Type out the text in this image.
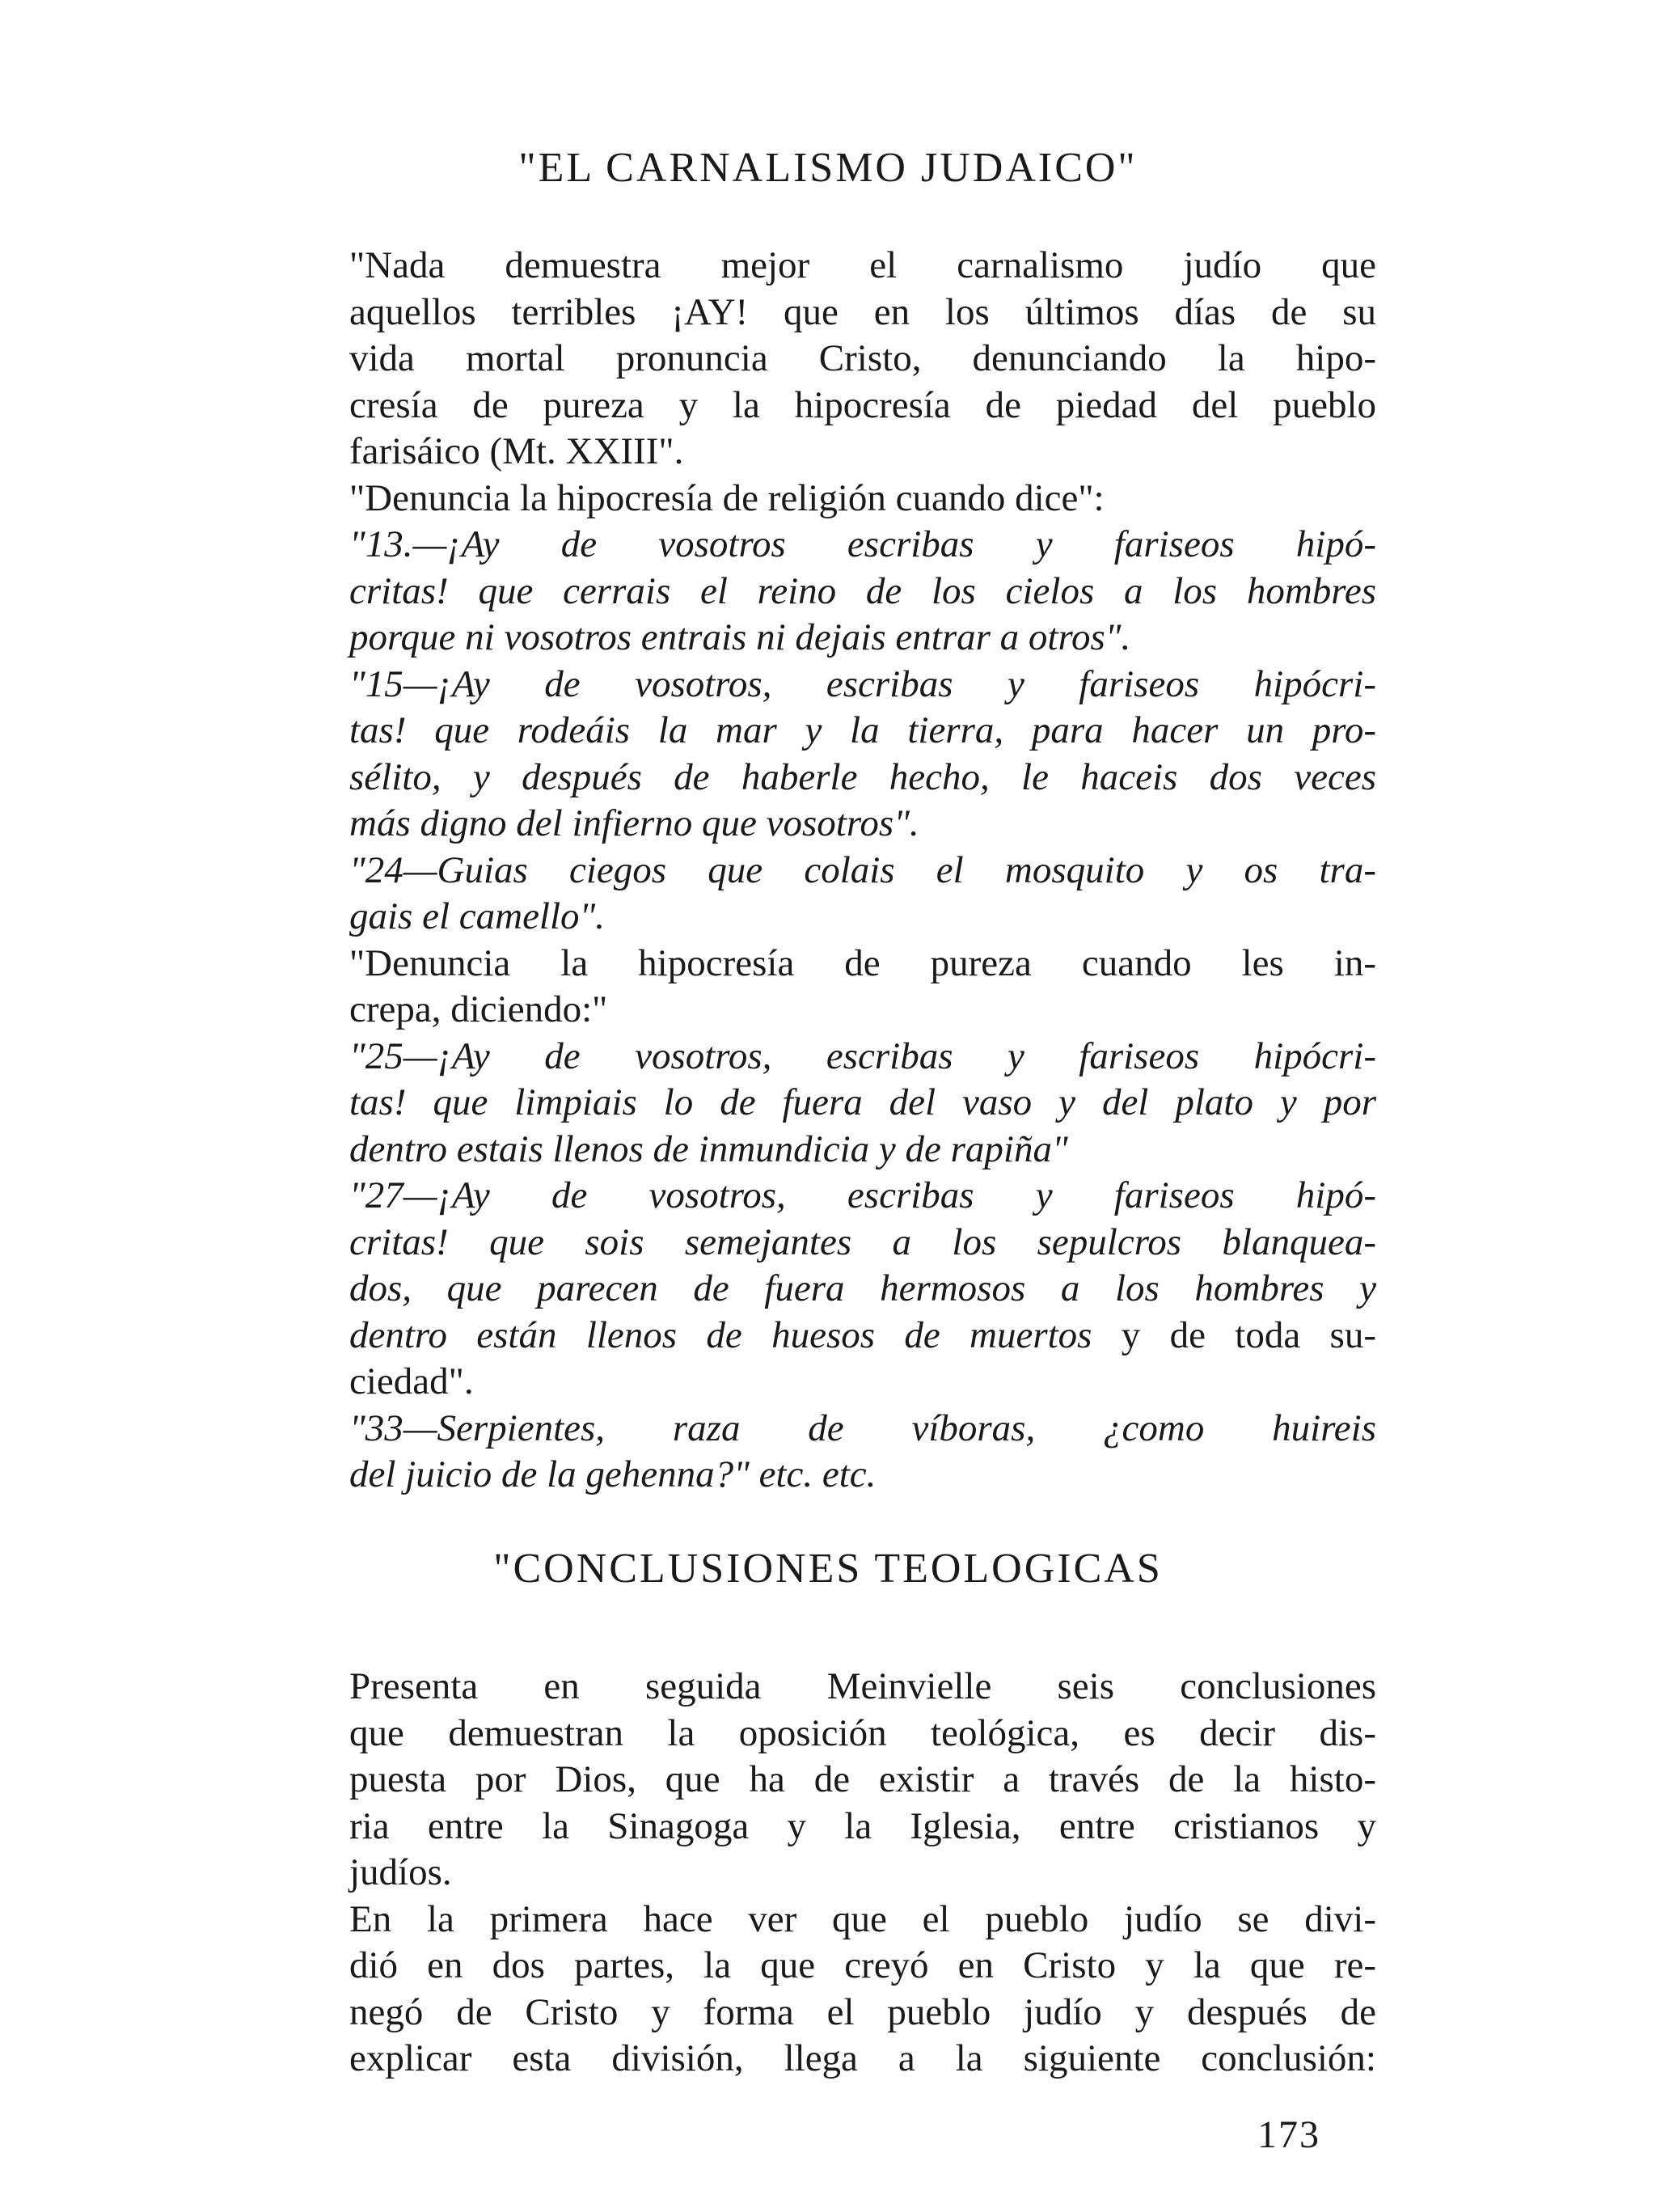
"EL CARNALISMO JUDAICO"

"Nada demuestra mejor el carnalismo judío que

aquellos terribles ¡AY! que en los últimos días de su

vida mortal pronuncia Cristo, denunciando la hipo-

cresía de pureza y la hipocresía de piedad del pueblo

farisáico (Mt. XXIII".

"Denuncia la hipocresía de religión cuando dice":

"13.—¡Ay de vosotros escribas y fariseos hipó-

critas! que cerrais el reino de los cielos a los hombres

porque ni vosotros entrais ni dejais entrar a otros".

"15—¡Ay de vosotros, escribas y fariseos hipócri-

tas! que rodeáis la mar y la tierra, para hacer un pro-

sélito, y después de haberle hecho, le haceis dos veces

más digno del infierno que vosotros".

"24—Guias ciegos que colais el mosquito y os tra-

gais el camello".

"Denuncia la hipocresía de pureza cuando les in-

crepa, diciendo:"

"25—¡Ay de vosotros, escribas y fariseos hipócri-

tas! que limpiais lo de fuera del vaso y del plato y por

dentro estais llenos de inmundicia y de rapiña"

"27—¡Ay de vosotros, escribas y fariseos hipó-

critas! que sois semejantes a los sepulcros blanquea-

dos, que parecen de fuera hermosos a los hombres y

dentro están llenos de huesos de muertos y de toda su-

ciedad".

"33—Serpientes, raza de víboras, ¿como huireis

del juicio de la gehenna?" etc. etc.

"CONCLUSIONES TEOLOGICAS

Presenta en seguida Meinvielle seis conclusiones

que demuestran la oposición teológica, es decir dis-

puesta por Dios, que ha de existir a través de la histo-

ria entre la Sinagoga y la Iglesia, entre cristianos y

judíos.

En la primera hace ver que el pueblo judío se divi-

dió en dos partes, la que creyó en Cristo y la que re-

negó de Cristo y forma el pueblo judío y después de

explicar esta división, llega a la siguiente conclusión:

173
